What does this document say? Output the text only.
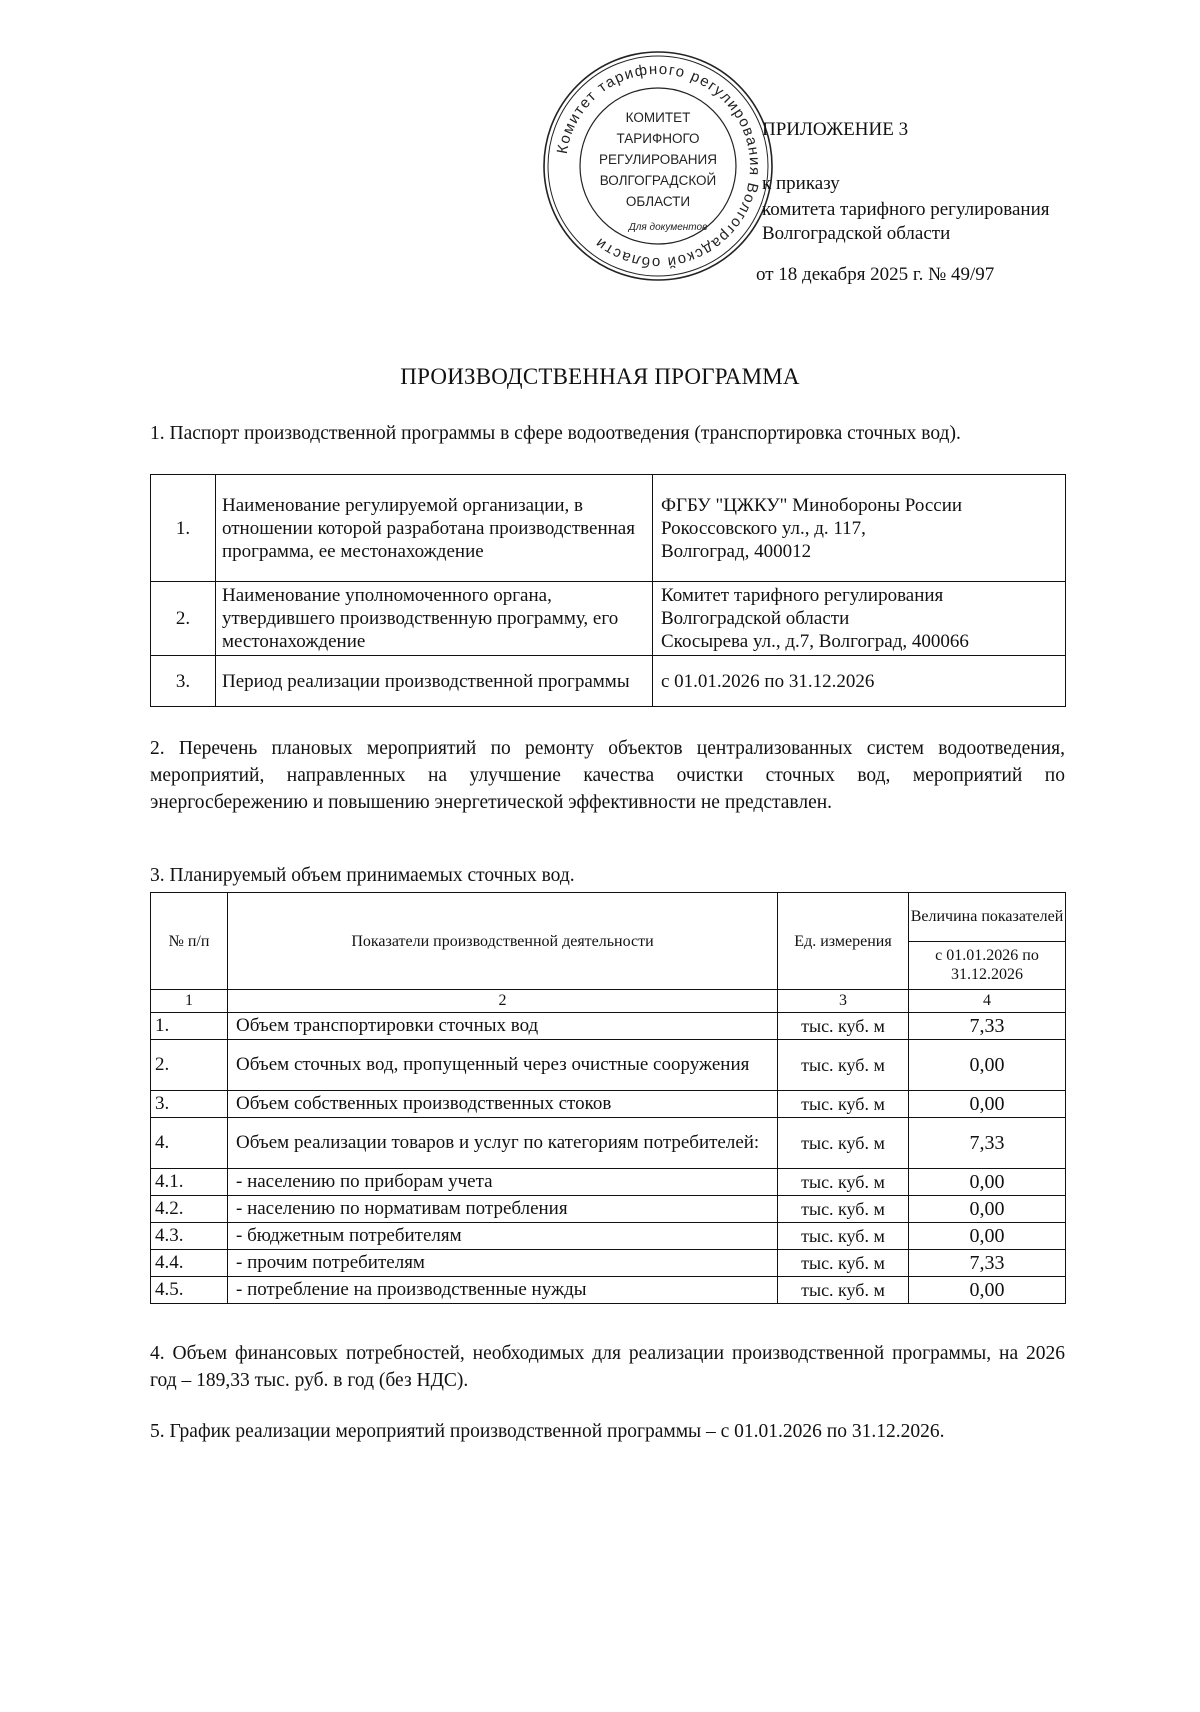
Комитет тарифного регулирования Волгоградской области
КОМИТЕТ
ТАРИФНОГО
РЕГУЛИРОВАНИЯ
ВОЛГОГРАДСКОЙ
ОБЛАСТИ
Для документов
ПРИЛОЖЕНИЕ 3
к приказу
комитета тарифного регулирования
Волгоградской области
от 18 декабря 2025 г. № 49/97
ПРОИЗВОДСТВЕННАЯ ПРОГРАММА
1. Паспорт производственной программы в сфере водоотведения (транспортировка сточных вод).
1.	Наименование регулируемой организации, в отношении которой разработана производственная программа, ее местонахождение	ФГБУ "ЦЖКУ" Минобороны России
Рокоссовского ул., д. 117,
Волгоград, 400012

2.	Наименование уполномоченного органа, утвердившего производственную программу, его местонахождение	Комитет тарифного регулирования
Волгоградской области
Скосырева ул., д.7, Волгоград, 400066

3.	Период реализации производственной программы	с 01.01.2026 по 31.12.2026
2. Перечень плановых мероприятий по ремонту объектов централизованных систем водоотведения, мероприятий, направленных на улучшение качества очистки сточных вод, мероприятий по энергосбережению и повышению энергетической эффективности не представлен.
3. Планируемый объем принимаемых сточных вод.
№ п/п	Показатели производственной деятельности	Ед. измерения	Величина показателей
			с 01.01.2026 по 31.12.2026
1	2	3	4
1.	Объем транспортировки сточных вод	тыс. куб. м	7,33
2.	Объем сточных вод, пропущенный через очистные сооружения	тыс. куб. м	0,00
3.	Объем собственных производственных стоков	тыс. куб. м	0,00
4.	Объем реализации товаров и услуг по категориям потребителей:	тыс. куб. м	7,33
4.1.	- населению по приборам учета	тыс. куб. м	0,00
4.2.	- населению по нормативам потребления	тыс. куб. м	0,00
4.3.	- бюджетным потребителям	тыс. куб. м	0,00
4.4.	- прочим потребителям	тыс. куб. м	7,33
4.5.	- потребление на производственные нужды	тыс. куб. м	0,00
4. Объем финансовых потребностей, необходимых для реализации производственной программы, на 2026 год – 189,33 тыс. руб. в год (без НДС).
5. График реализации мероприятий производственной программы – с 01.01.2026 по 31.12.2026.
